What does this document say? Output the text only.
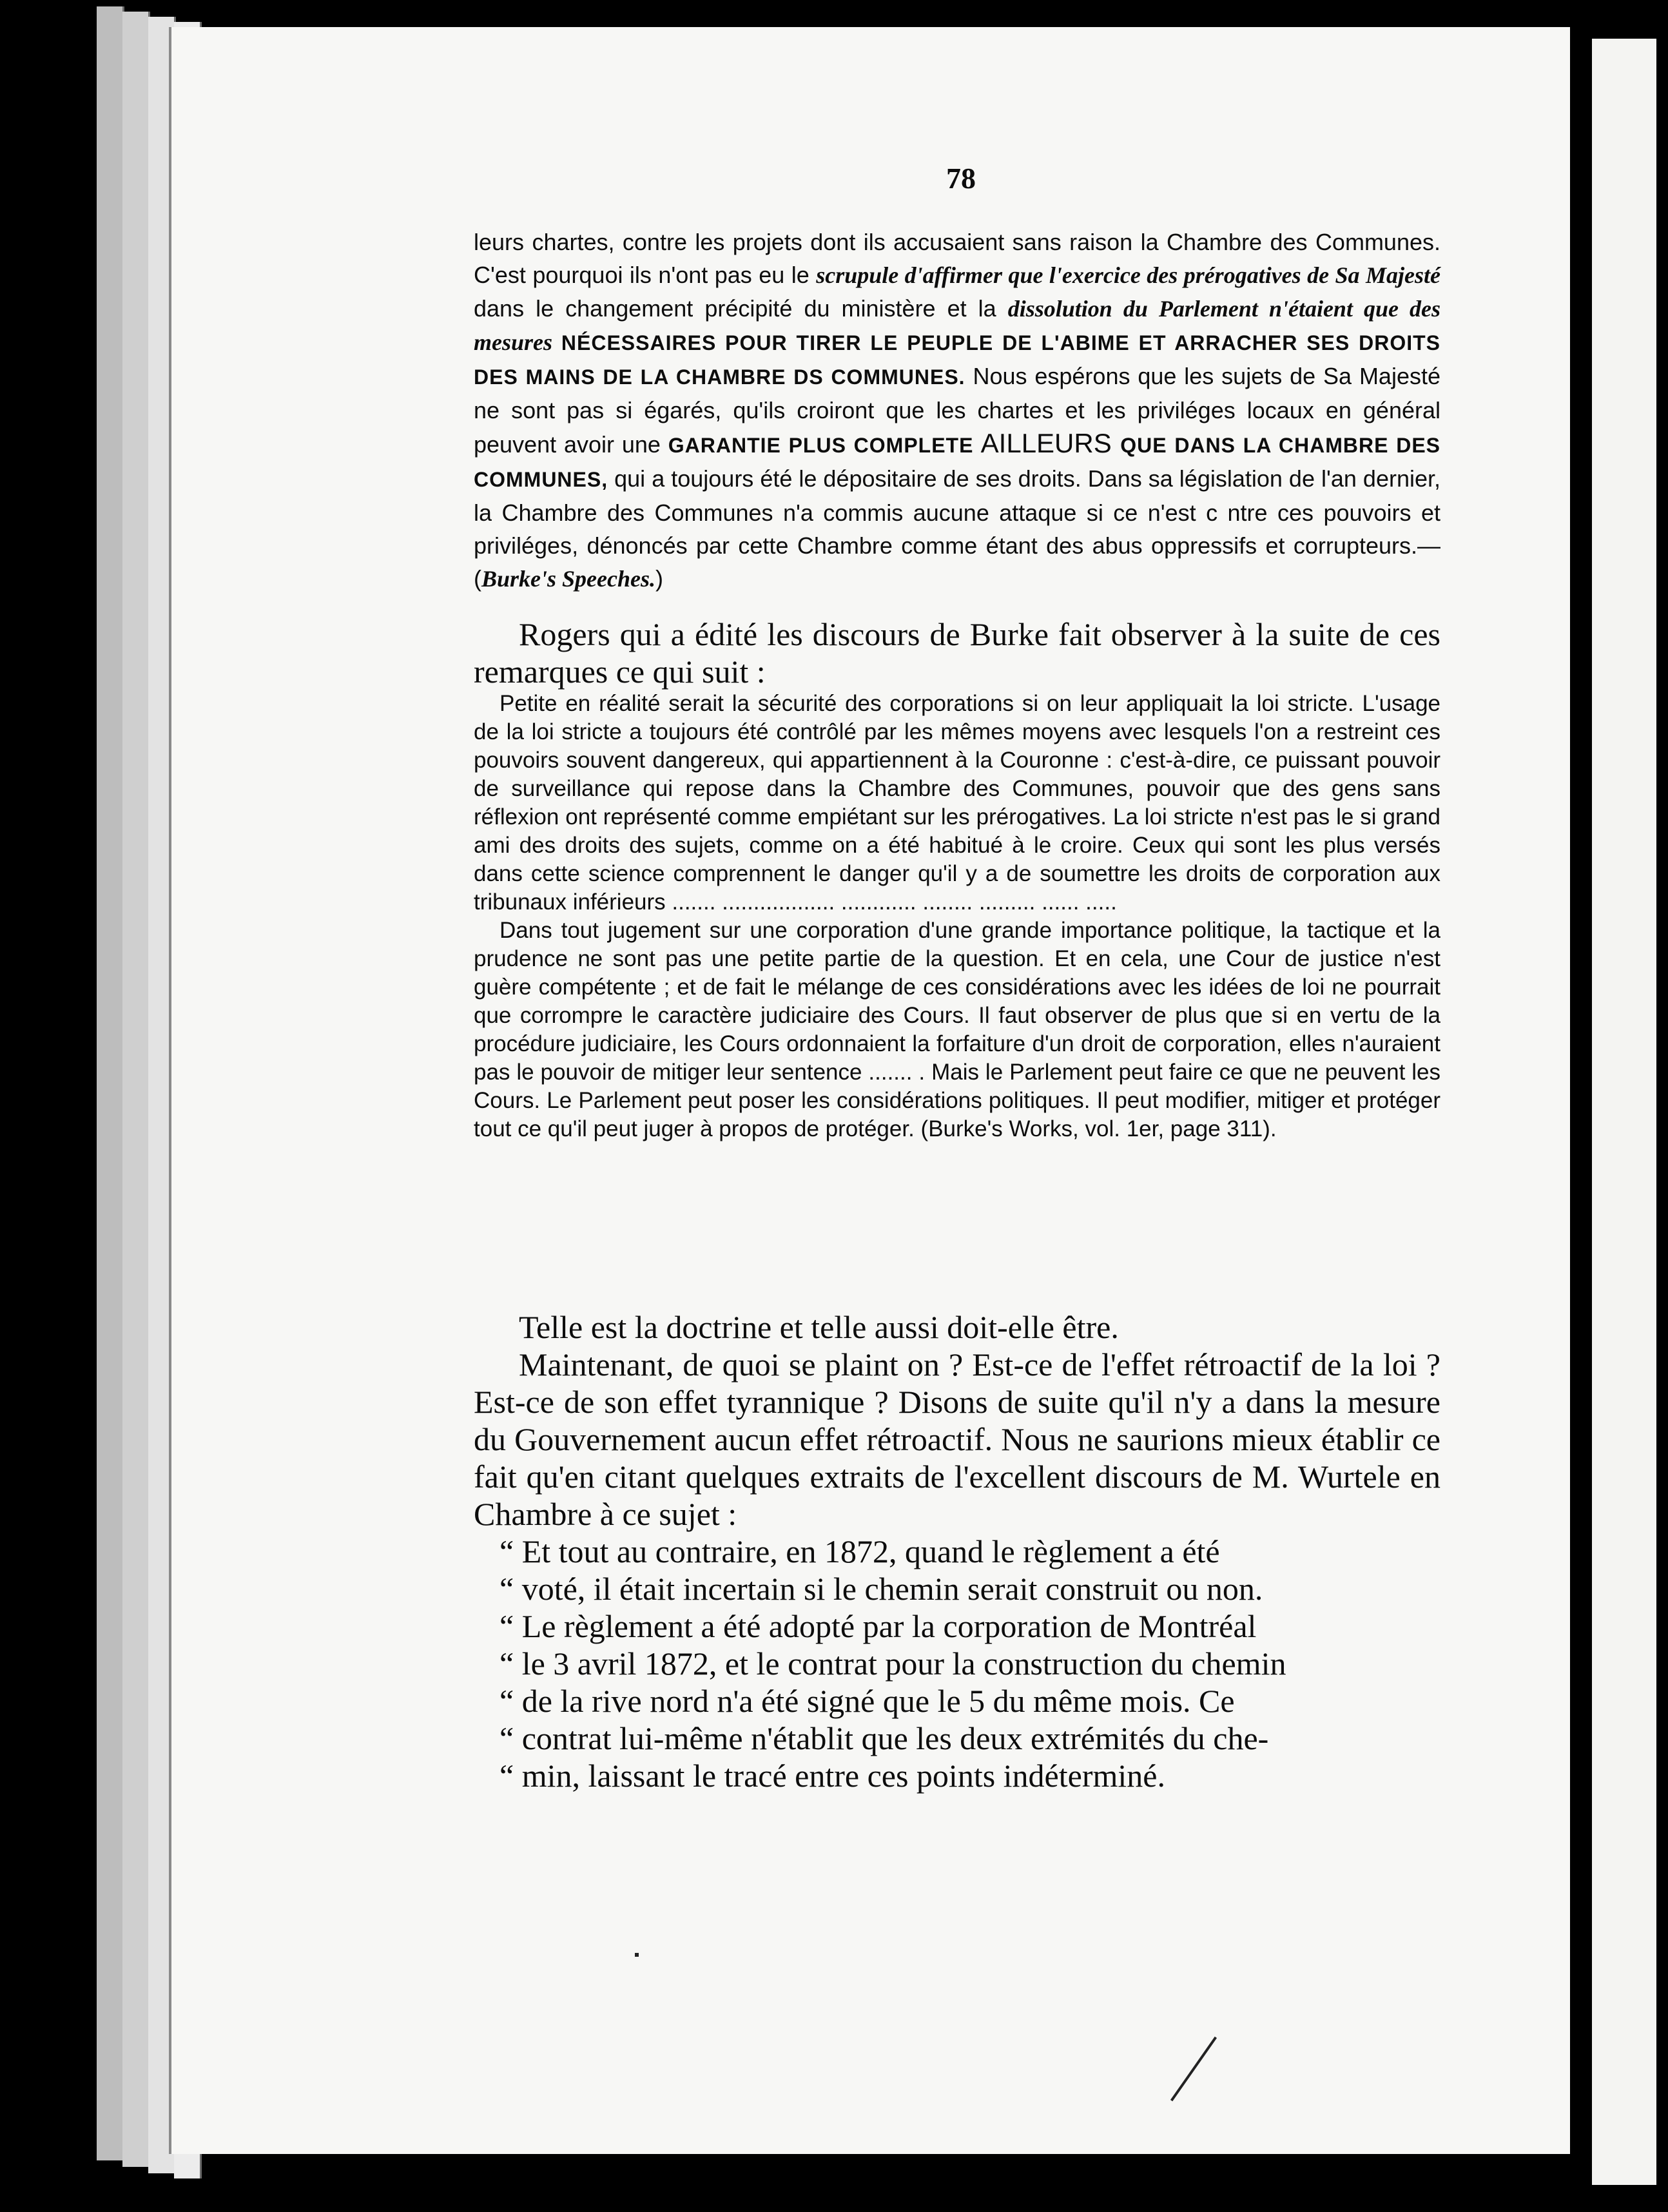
78

leurs chartes, contre les projets dont ils accusaient sans raison la Chambre des Communes. C'est pourquoi ils n'ont pas eu le scrupule d'affirmer que l'exercice des prérogatives de Sa Majesté dans le changement précipité du ministère et la dissolution du Parlement n'étaient que des mesures NÉCESSAIRES POUR TIRER LE PEUPLE DE L'ABIME ET ARRACHER SES DROITS DES MAINS DE LA CHAMBRE DS COMMUNES. Nous espérons que les sujets de Sa Majesté ne sont pas si égarés, qu'ils croiront que les chartes et les priviléges locaux en général peuvent avoir une GARANTIE PLUS COMPLETE AILLEURS QUE DANS LA CHAMBRE DES COMMUNES, qui a toujours été le dépositaire de ses droits. Dans sa législation de l'an dernier, la Chambre des Communes n'a commis aucune attaque si ce n'est c ntre ces pouvoirs et priviléges, dénoncés par cette Chambre comme étant des abus oppressifs et corrupteurs.—(Burke's Speeches.)

Rogers qui a édité les discours de Burke fait observer à la suite de ces remarques ce qui suit :

Petite en réalité serait la sécurité des corporations si on leur appliquait la loi stricte. L'usage de la loi stricte a toujours été contrôlé par les mêmes moyens avec lesquels l'on a restreint ces pouvoirs souvent dangereux, qui appartiennent à la Couronne : c'est-à-dire, ce puissant pouvoir de surveillance qui repose dans la Chambre des Communes, pouvoir que des gens sans réflexion ont représenté comme empiétant sur les prérogatives. La loi stricte n'est pas le si grand ami des droits des sujets, comme on a été habitué à le croire. Ceux qui sont les plus versés dans cette science comprennent le danger qu'il y a de soumettre les droits de corporation aux tribunaux inférieurs ....... .................. ............ ........ ......... ...... .....

Dans tout jugement sur une corporation d'une grande importance politique, la tactique et la prudence ne sont pas une petite partie de la question. Et en cela, une Cour de justice n'est guère compétente ; et de fait le mélange de ces considérations avec les idées de loi ne pourrait que corrompre le caractère judiciaire des Cours. Il faut observer de plus que si en vertu de la procédure judiciaire, les Cours ordonnaient la forfaiture d'un droit de corporation, elles n'auraient pas le pouvoir de mitiger leur sentence ....... . Mais le Parlement peut faire ce que ne peuvent les Cours. Le Parlement peut poser les considérations politiques. Il peut modifier, mitiger et protéger tout ce qu'il peut juger à propos de protéger. (Burke's Works, vol. 1er, page 311).

Telle est la doctrine et telle aussi doit-elle être.

Maintenant, de quoi se plaint on ? Est-ce de l'effet rétroactif de la loi ? Est-ce de son effet tyrannique ? Disons de suite qu'il n'y a dans la mesure du Gouvernement aucun effet rétroactif. Nous ne saurions mieux établir ce fait qu'en citant quelques extraits de l'excellent discours de M. Wurtele en Chambre à ce sujet :

“ Et tout au contraire, en 1872, quand le règlement a été

“ voté, il était incertain si le chemin serait construit ou non.

“ Le règlement a été adopté par la corporation de Montréal

“ le 3 avril 1872, et le contrat pour la construction du chemin

“ de la rive nord n'a été signé que le 5 du même mois. Ce

“ contrat lui-même n'établit que les deux extrémités du che-

“ min, laissant le tracé entre ces points indéterminé.
